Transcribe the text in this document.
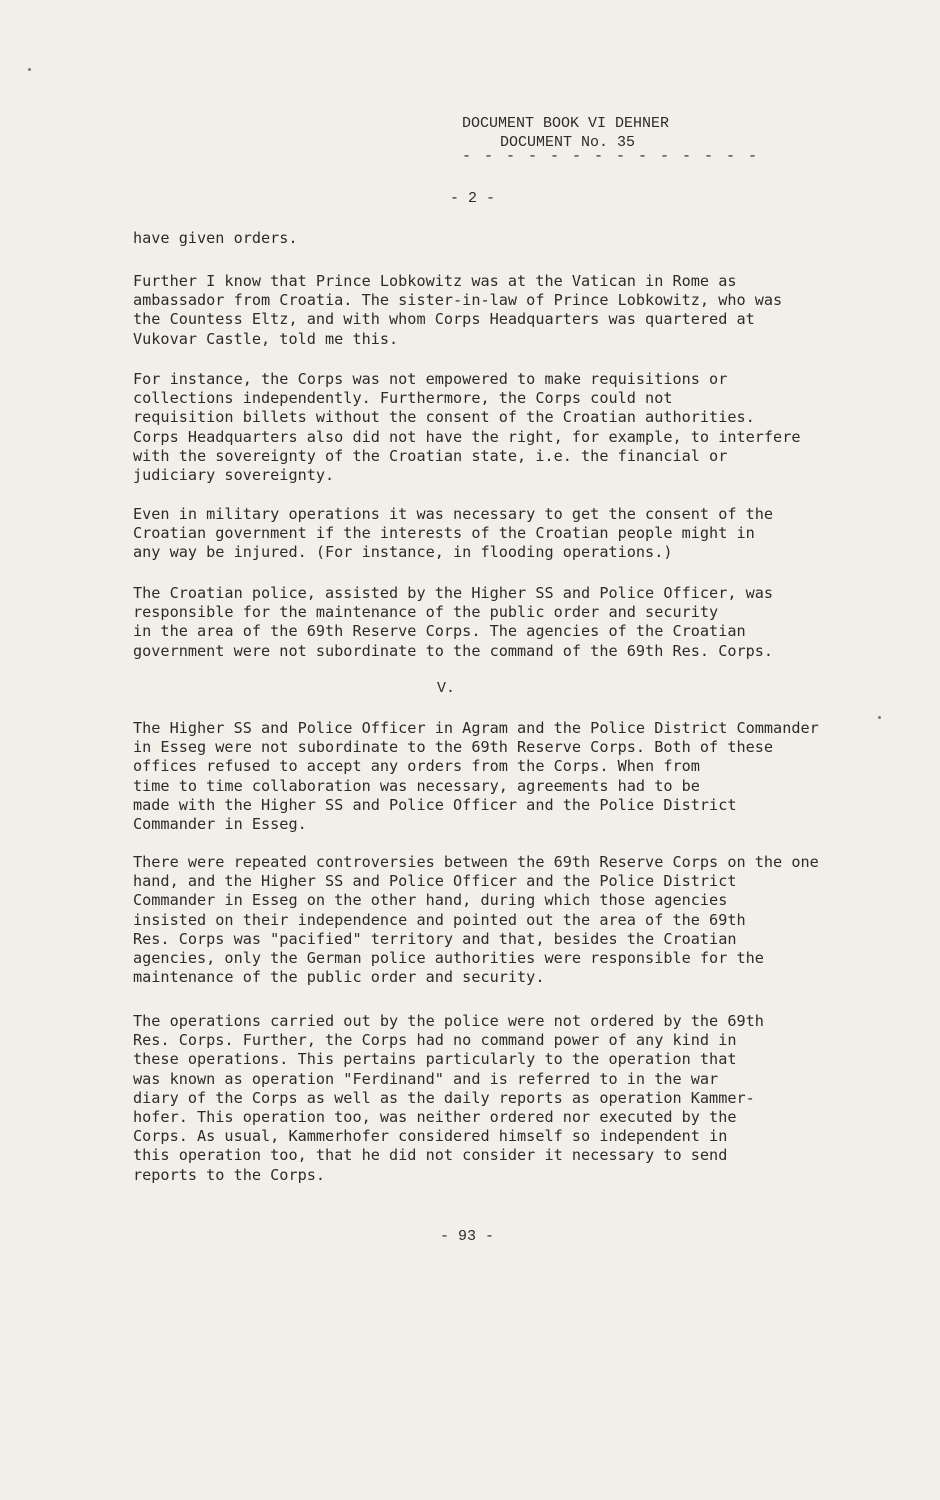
DOCUMENT BOOK VI DEHNER
DOCUMENT No. 35
- - - - - - - - - - - - - -
- 2 -
have given orders.
Further I know that Prince Lobkowitz was at the Vatican in Rome as
ambassador from Croatia. The sister-in-law of Prince Lobkowitz, who was
the Countess Eltz, and with whom Corps Headquarters was quartered at
Vukovar Castle, told me this.
For instance, the Corps was not empowered to make requisitions or
collections independently. Furthermore, the Corps could not
requisition billets without the consent of the Croatian authorities.
Corps Headquarters also did not have the right, for example, to interfere
with the sovereignty of the Croatian state, i.e. the financial or
judiciary sovereignty.
Even in military operations it was necessary to get the consent of the
Croatian government if the interests of the Croatian people might in
any way be injured. (For instance, in flooding operations.)
The Croatian police, assisted by the Higher SS and Police Officer, was
responsible for the maintenance of the public order and security
in the area of the 69th Reserve Corps. The agencies of the Croatian
government were not subordinate to the command of the 69th Res. Corps.
V.
The Higher SS and Police Officer in Agram and the Police District Commander
in Esseg were not subordinate to the 69th Reserve Corps. Both of these
offices refused to accept any orders from the Corps. When from
time to time collaboration was necessary, agreements had to be
made with the Higher SS and Police Officer and the Police District
Commander in Esseg.
There were repeated controversies between the 69th Reserve Corps on the one
hand, and the Higher SS and Police Officer and the Police District
Commander in Esseg on the other hand, during which those agencies
insisted on their independence and pointed out the area of the 69th
Res. Corps was "pacified" territory and that, besides the Croatian
agencies, only the German police authorities were responsible for the
maintenance of the public order and security.
The operations carried out by the police were not ordered by the 69th
Res. Corps. Further, the Corps had no command power of any kind in
these operations. This pertains particularly to the operation that
was known as operation "Ferdinand" and is referred to in the war
diary of the Corps as well as the daily reports as operation Kammer-
hofer. This operation too, was neither ordered nor executed by the
Corps. As usual, Kammerhofer considered himself so independent in
this operation too, that he did not consider it necessary to send
reports to the Corps.
- 93 -
